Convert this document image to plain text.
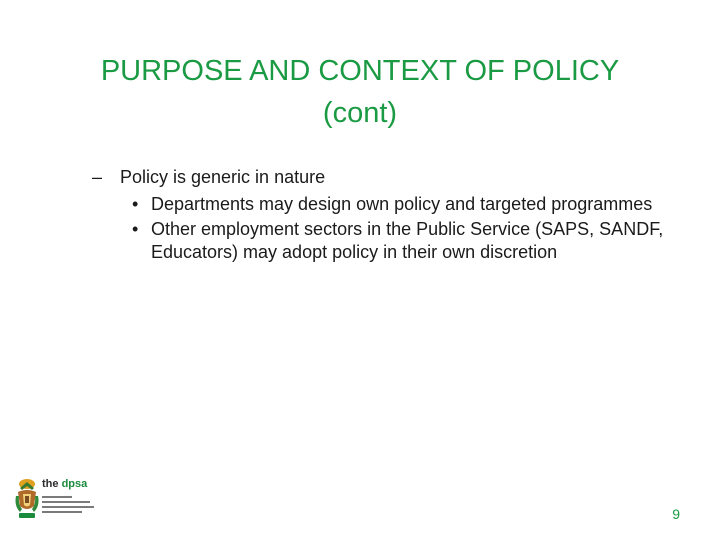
PURPOSE AND CONTEXT OF POLICY
(cont)
– Policy is generic in nature
• Departments may design own policy and targeted programmes
• Other employment sectors in the Public Service (SAPS, SANDF, Educators) may adopt policy in their own discretion
the dpsa
9
